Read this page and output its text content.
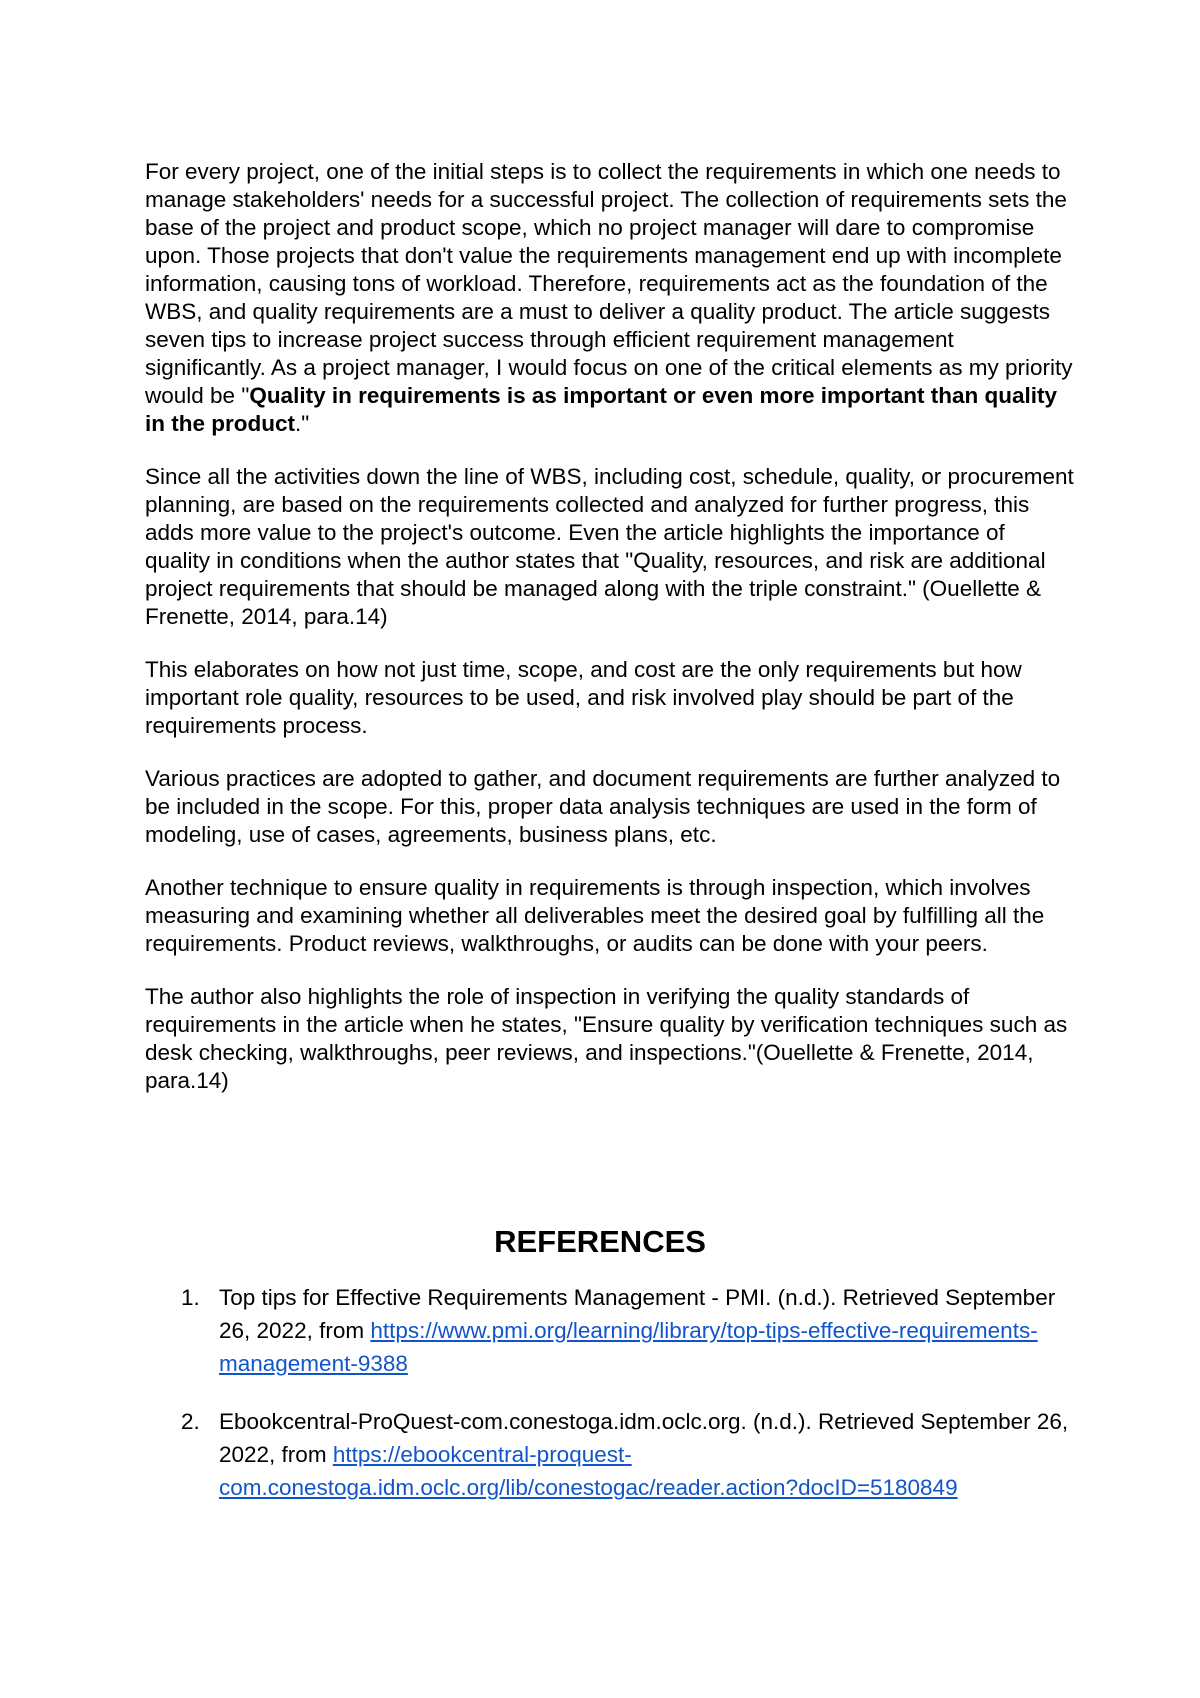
For every project, one of the initial steps is to collect the requirements in which one needs to manage stakeholders' needs for a successful project. The collection of requirements sets the base of the project and product scope, which no project manager will dare to compromise upon. Those projects that don't value the requirements management end up with incomplete information, causing tons of workload. Therefore, requirements act as the foundation of the WBS, and quality requirements are a must to deliver a quality product. The article suggests seven tips to increase project success through efficient requirement management significantly. As a project manager, I would focus on one of the critical elements as my priority would be "Quality in requirements is as important or even more important than quality in the product."

Since all the activities down the line of WBS, including cost, schedule, quality, or procurement planning, are based on the requirements collected and analyzed for further progress, this adds more value to the project's outcome. Even the article highlights the importance of quality in conditions when the author states that "Quality, resources, and risk are additional project requirements that should be managed along with the triple constraint." (Ouellette & Frenette, 2014, para.14)

This elaborates on how not just time, scope, and cost are the only requirements but how important role quality, resources to be used, and risk involved play should be part of the requirements process.

Various practices are adopted to gather, and document requirements are further analyzed to be included in the scope. For this, proper data analysis techniques are used in the form of modeling, use of cases, agreements, business plans, etc.

Another technique to ensure quality in requirements is through inspection, which involves measuring and examining whether all deliverables meet the desired goal by fulfilling all the requirements. Product reviews, walkthroughs, or audits can be done with your peers.

The author also highlights the role of inspection in verifying the quality standards of requirements in the article when he states, "Ensure quality by verification techniques such as desk checking, walkthroughs, peer reviews, and inspections."(Ouellette & Frenette, 2014, para.14)

REFERENCES
1. Top tips for Effective Requirements Management - PMI. (n.d.). Retrieved September 26, 2022, from https://www.pmi.org/learning/library/top-tips-effective-requirements-management-9388
2. Ebookcentral-ProQuest-com.conestoga.idm.oclc.org. (n.d.). Retrieved September 26, 2022, from https://ebookcentral-proquest-com.conestoga.idm.oclc.org/lib/conestogac/reader.action?docID=5180849
